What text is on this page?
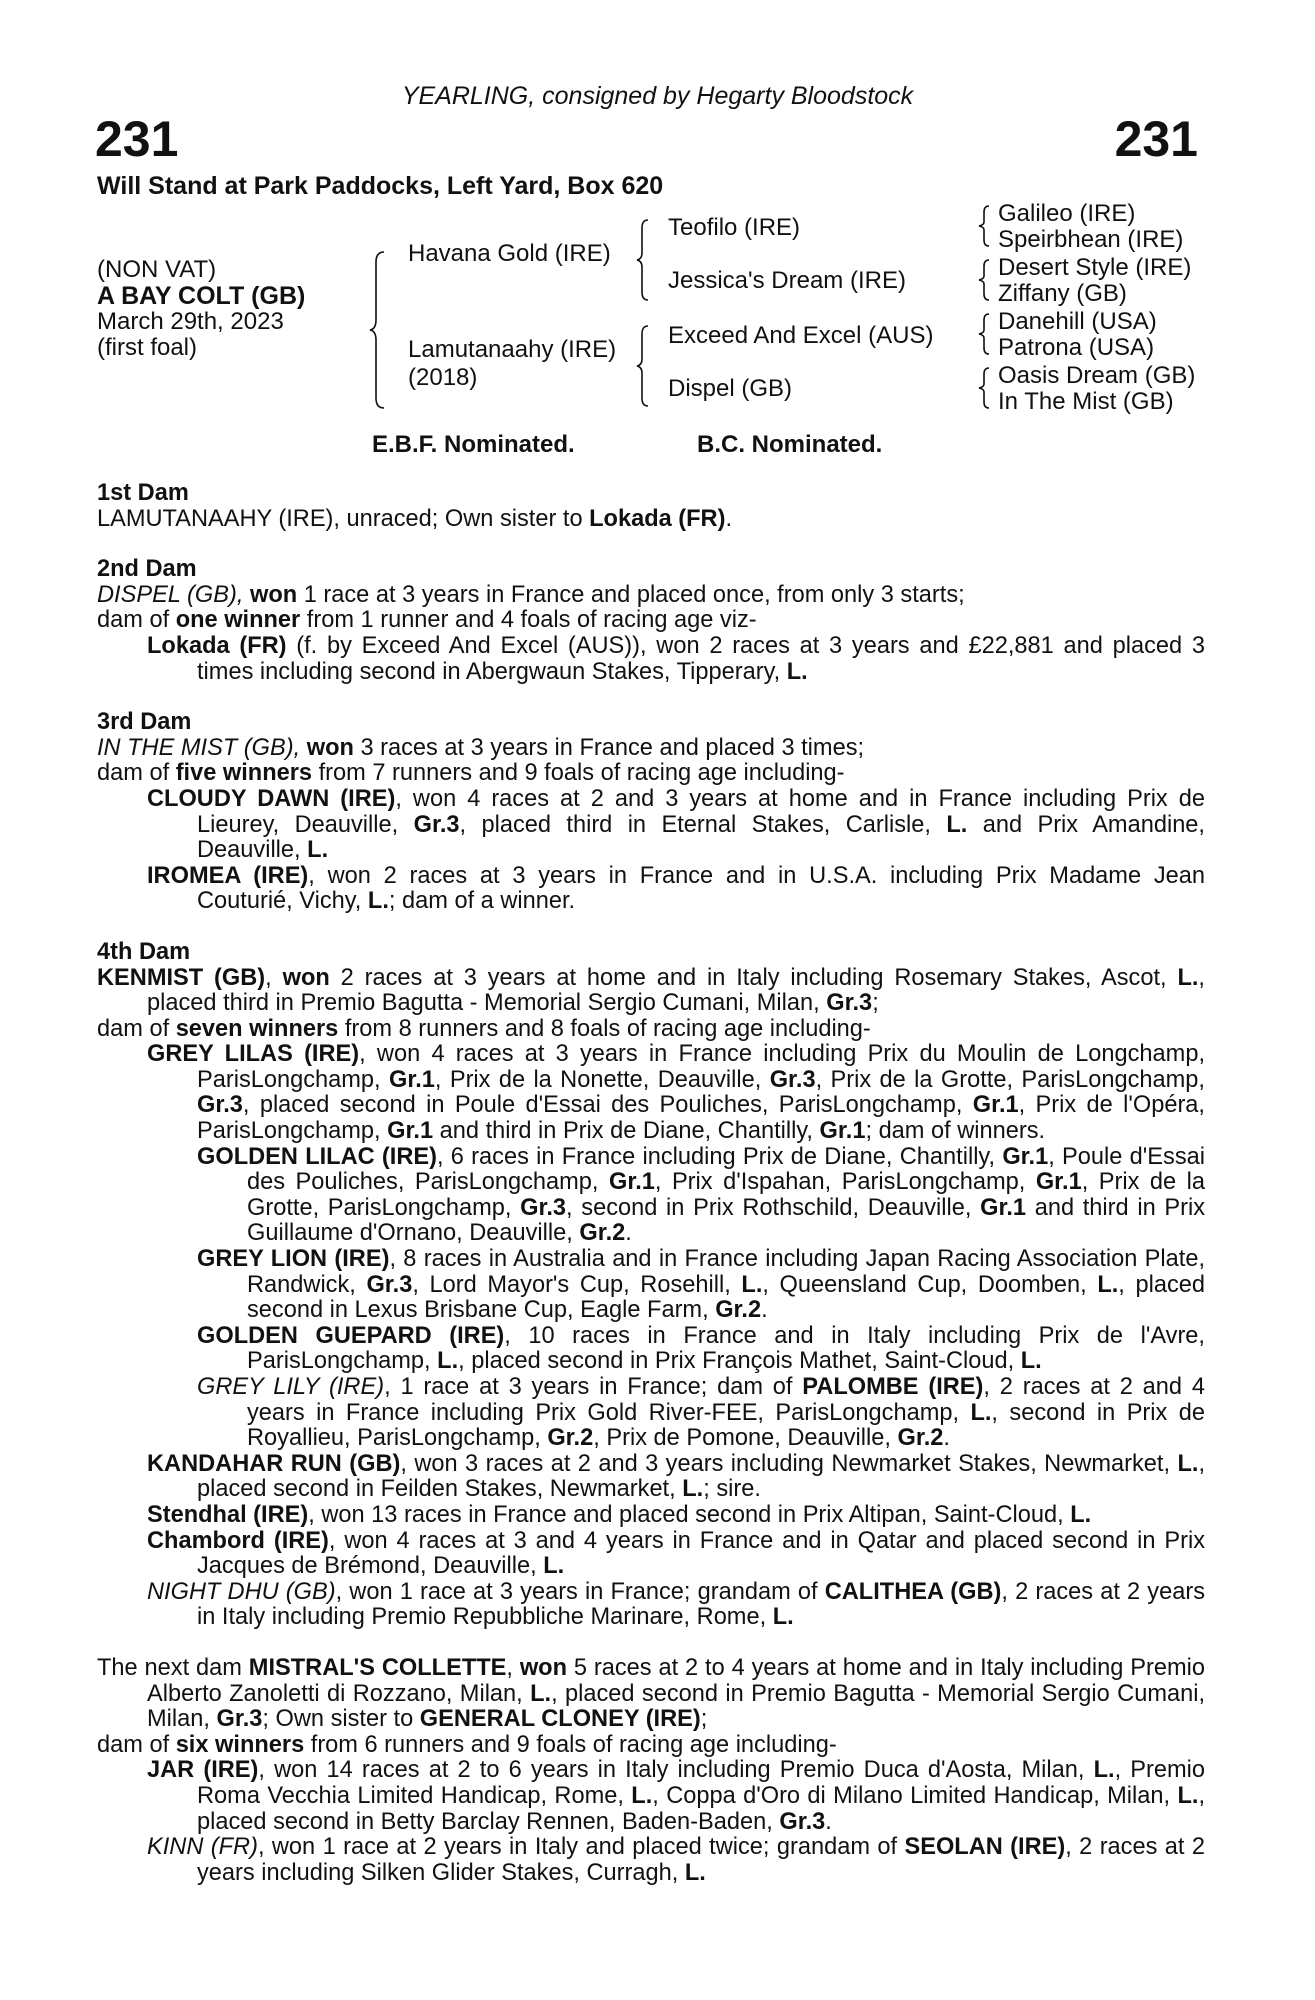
YEARLING, consigned by Hegarty Bloodstock
231	231
Will Stand at Park Paddocks, Left Yard, Box 620
(NON VAT)
A BAY COLT (GB)
March 29th, 2023
(first foal)
Havana Gold (IRE)
Lamutanaahy (IRE)
(2018)
Teofilo (IRE)
Jessica's Dream (IRE)
Exceed And Excel (AUS)
Dispel (GB)
Galileo (IRE)
Speirbhean (IRE)
Desert Style (IRE)
Ziffany (GB)
Danehill (USA)
Patrona (USA)
Oasis Dream (GB)
In The Mist (GB)
E.B.F. Nominated.	B.C. Nominated.
1st Dam
LAMUTANAAHY (IRE), unraced; Own sister to Lokada (FR).
2nd Dam
DISPEL (GB), won 1 race at 3 years in France and placed once, from only 3 starts;
dam of one winner from 1 runner and 4 foals of racing age viz-
Lokada (FR) (f. by Exceed And Excel (AUS)), won 2 races at 3 years and £22,881 and placed 3 times including second in Abergwaun Stakes, Tipperary, L.
3rd Dam
IN THE MIST (GB), won 3 races at 3 years in France and placed 3 times;
dam of five winners from 7 runners and 9 foals of racing age including-
CLOUDY DAWN (IRE), won 4 races at 2 and 3 years at home and in France including Prix de Lieurey, Deauville, Gr.3, placed third in Eternal Stakes, Carlisle, L. and Prix Amandine, Deauville, L.
IROMEA (IRE), won 2 races at 3 years in France and in U.S.A. including Prix Madame Jean Couturié, Vichy, L.; dam of a winner.
4th Dam
KENMIST (GB), won 2 races at 3 years at home and in Italy including Rosemary Stakes, Ascot, L., placed third in Premio Bagutta - Memorial Sergio Cumani, Milan, Gr.3;
dam of seven winners from 8 runners and 8 foals of racing age including-
GREY LILAS (IRE), won 4 races at 3 years in France including Prix du Moulin de Longchamp, ParisLongchamp, Gr.1, Prix de la Nonette, Deauville, Gr.3, Prix de la Grotte, ParisLongchamp, Gr.3, placed second in Poule d'Essai des Pouliches, ParisLongchamp, Gr.1, Prix de l'Opéra, ParisLongchamp, Gr.1 and third in Prix de Diane, Chantilly, Gr.1; dam of winners.
GOLDEN LILAC (IRE), 6 races in France including Prix de Diane, Chantilly, Gr.1, Poule d'Essai des Pouliches, ParisLongchamp, Gr.1, Prix d'Ispahan, ParisLongchamp, Gr.1, Prix de la Grotte, ParisLongchamp, Gr.3, second in Prix Rothschild, Deauville, Gr.1 and third in Prix Guillaume d'Ornano, Deauville, Gr.2.
GREY LION (IRE), 8 races in Australia and in France including Japan Racing Association Plate, Randwick, Gr.3, Lord Mayor's Cup, Rosehill, L., Queensland Cup, Doomben, L., placed second in Lexus Brisbane Cup, Eagle Farm, Gr.2.
GOLDEN GUEPARD (IRE), 10 races in France and in Italy including Prix de l'Avre, ParisLongchamp, L., placed second in Prix François Mathet, Saint-Cloud, L.
GREY LILY (IRE), 1 race at 3 years in France; dam of PALOMBE (IRE), 2 races at 2 and 4 years in France including Prix Gold River-FEE, ParisLongchamp, L., second in Prix de Royallieu, ParisLongchamp, Gr.2, Prix de Pomone, Deauville, Gr.2.
KANDAHAR RUN (GB), won 3 races at 2 and 3 years including Newmarket Stakes, Newmarket, L., placed second in Feilden Stakes, Newmarket, L.; sire.
Stendhal (IRE), won 13 races in France and placed second in Prix Altipan, Saint-Cloud, L.
Chambord (IRE), won 4 races at 3 and 4 years in France and in Qatar and placed second in Prix Jacques de Brémond, Deauville, L.
NIGHT DHU (GB), won 1 race at 3 years in France; grandam of CALITHEA (GB), 2 races at 2 years in Italy including Premio Repubbliche Marinare, Rome, L.
The next dam MISTRAL'S COLLETTE, won 5 races at 2 to 4 years at home and in Italy including Premio Alberto Zanoletti di Rozzano, Milan, L., placed second in Premio Bagutta - Memorial Sergio Cumani, Milan, Gr.3; Own sister to GENERAL CLONEY (IRE);
dam of six winners from 6 runners and 9 foals of racing age including-
JAR (IRE), won 14 races at 2 to 6 years in Italy including Premio Duca d'Aosta, Milan, L., Premio Roma Vecchia Limited Handicap, Rome, L., Coppa d'Oro di Milano Limited Handicap, Milan, L., placed second in Betty Barclay Rennen, Baden-Baden, Gr.3.
KINN (FR), won 1 race at 2 years in Italy and placed twice; grandam of SEOLAN (IRE), 2 races at 2 years including Silken Glider Stakes, Curragh, L.
